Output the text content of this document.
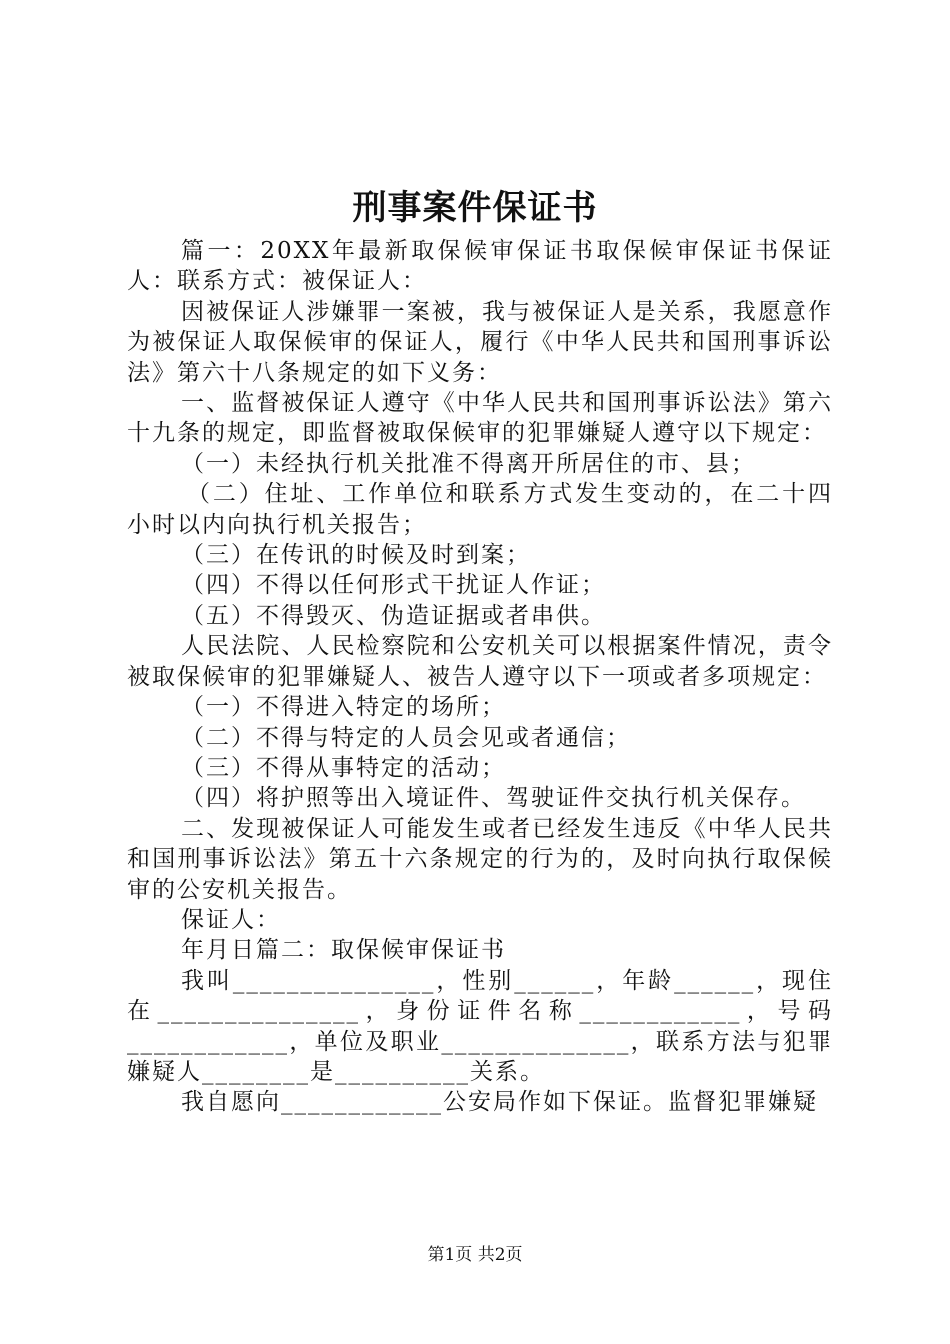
刑事案件保证书

篇一：20XX年最新取保候审保证书取保候审保证书保证人：联系方式：被保证人：

因被保证人涉嫌罪一案被，我与被保证人是关系，我愿意作为被保证人取保候审的保证人，履行《中华人民共和国刑事诉讼法》第六十八条规定的如下义务：

一、监督被保证人遵守《中华人民共和国刑事诉讼法》第六十九条的规定，即监督被取保候审的犯罪嫌疑人遵守以下规定：

（一）未经执行机关批准不得离开所居住的市、县；

（二）住址、工作单位和联系方式发生变动的，在二十四小时以内向执行机关报告；

（三）在传讯的时候及时到案；

（四）不得以任何形式干扰证人作证；

（五）不得毁灭、伪造证据或者串供。

人民法院、人民检察院和公安机关可以根据案件情况，责令被取保候审的犯罪嫌疑人、被告人遵守以下一项或者多项规定：

（一）不得进入特定的场所；

（二）不得与特定的人员会见或者通信；

（三）不得从事特定的活动；

（四）将护照等出入境证件、驾驶证件交执行机关保存。

二、发现被保证人可能发生或者已经发生违反《中华人民共和国刑事诉讼法》第五十六条规定的行为的，及时向执行取保候审的公安机关报告。

保证人：

年月日篇二：取保候审保证书

我叫_______________，性别______，年龄______，现住在_______________，身份证件名称____________，号码____________，单位及职业______________，联系方法与犯罪嫌疑人________是__________关系。

我自愿向____________公安局作如下保证。监督犯罪嫌疑

第1页 共2页
